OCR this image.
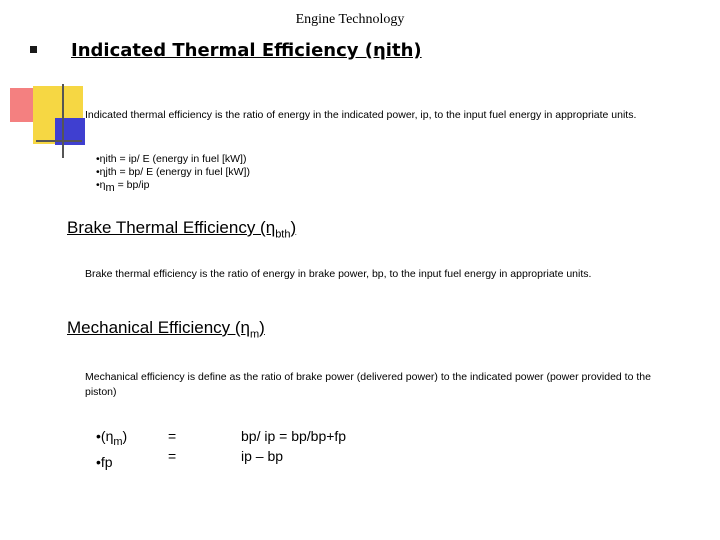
Engine Technology
Indicated Thermal Efficiency (ηith)
Indicated thermal efficiency is the ratio of energy in the indicated power, ip, to the input fuel energy in appropriate units.
•ηith = ip/ E (energy in fuel [kW])
•ηjth = bp/ E (energy in fuel [kW])
$•\eta_m = bp/ip$
Brake Thermal Efficiency $(\eta_{bth})$
Brake thermal efficiency is the ratio of energy in brake power, bp, to the input fuel energy in appropriate units.
Mechanical Efficiency $(\eta_m)$
Mechanical efficiency is define as the ratio of brake power (delivered power) to the indicated power (power provided to the piston)
$•(\eta_m)$
•fp
=
=
bp/ ip = bp/bp+fp
ip – bp
